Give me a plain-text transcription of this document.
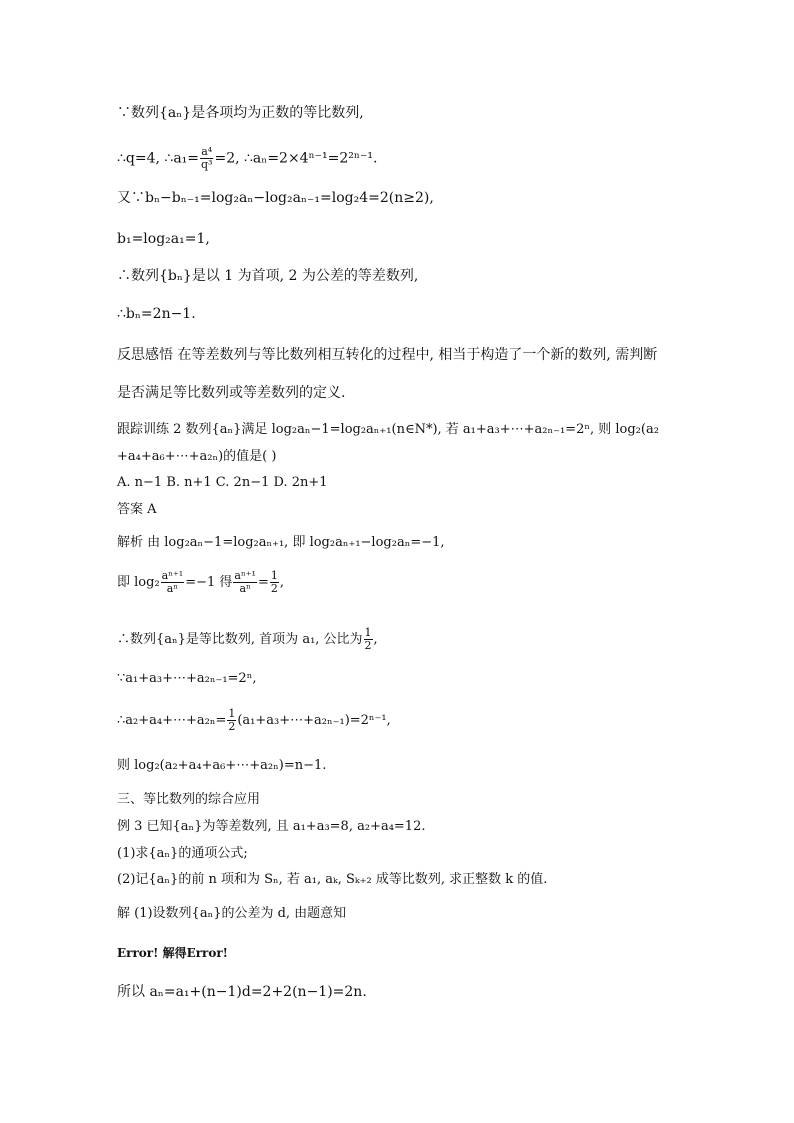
∵数列{aₙ}是各项均为正数的等比数列,
∴q=4, ∴a₁= $\frac{\text{a⁴}}{\text{q³}} =2$, ∴aₙ=2×4ⁿ⁻¹=2²ⁿ⁻¹.
又∵bₙ−bₙ₋₁=log₂aₙ−log₂aₙ₋₁=log₂4=2(n≥2),
b₁=log₂a₁=1,
∴数列{bₙ}是以 1 为首项, 2 为公差的等差数列,
∴bₙ=2n−1.
反思感悟 在等差数列与等比数列相互转化的过程中, 相当于构造了一个新的数列, 需判断
是否满足等比数列或等差数列的定义.
跟踪训练 2 数列{aₙ}满足 log₂aₙ−1=log₂aₙ₊₁(n∈N*), 若 a₁+a₃+⋯+a₂ₙ₋₁=2ⁿ, 则 log₂(a₂
+a₄+a₆+⋯+a₂ₙ)的值是( )
A. n−1 B. n+1 C. 2n−1 D. 2n+1
答案 A
解析 由 log₂aₙ−1=log₂aₙ₊₁, 即 log₂aₙ₊₁−log₂aₙ=−1,
即 $\log_2 \frac{\text{aⁿ⁺¹}}{\text{aⁿ}} =-1$ 得 $\frac{\text{aⁿ⁺¹}}{\text{aⁿ}} = \frac{1}{2}$ ,
∴数列{aₙ}是等比数列, 首项为 a₁, 公比为 $\frac{1}{2}$ ,
∵a₁+a₃+⋯+a₂ₙ₋₁=2ⁿ,
∴a₂+a₄+⋯+a₂ₙ= $\frac{1}{2}$ (a₁+a₃+⋯+a₂ₙ₋₁)=2ⁿ⁻¹,
则 log₂(a₂+a₄+a₆+⋯+a₂ₙ)=n−1.
三、等比数列的综合应用
例 3 已知{aₙ}为等差数列, 且 a₁+a₃=8, a₂+a₄=12.
(1)求{aₙ}的通项公式;
(2)记{aₙ}的前 n 项和为 Sₙ, 若 a₁, aₖ, Sₖ₊₂ 成等比数列, 求正整数 k 的值.
解 (1)设数列{aₙ}的公差为 d, 由题意知
Error! 解得Error!
所以 aₙ=a₁+(n−1)d=2+2(n−1)=2n.
